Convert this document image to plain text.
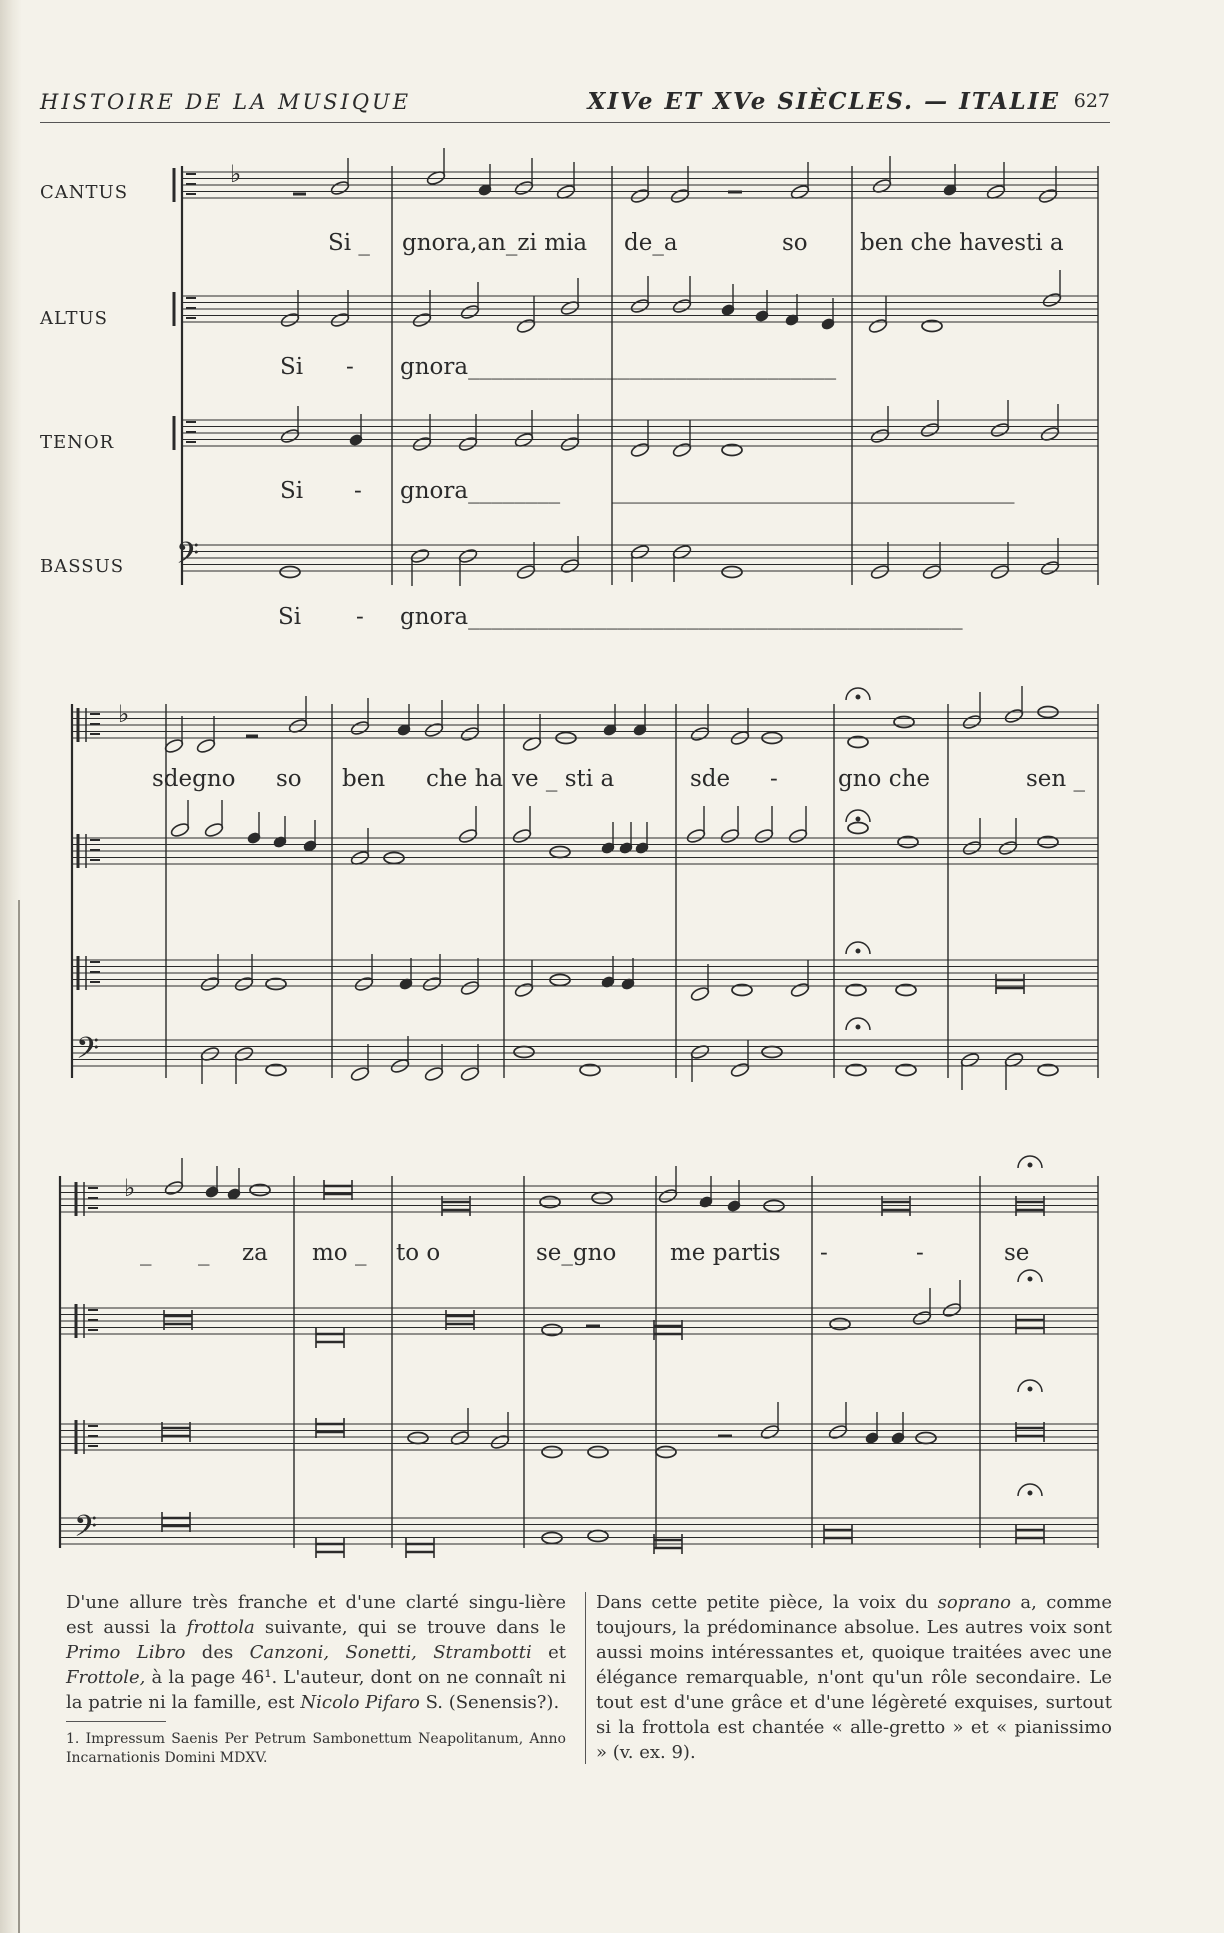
HISTOIRE DE LA MUSIQUE	XIVe ET XVe SIÈCLES. — ITALIE 627
CANTUS
ALTUS
TENOR
BASSUS	𝄢
♭
𝄢
♭
𝄢
♭
Si _ gnora,an_zi mia de_a	so ben che havesti a
Si - gnora________________________________
Si - gnora________ ___________________________________
Si - gnora___________________________________________
sdegno so ben che ha ve _ sti a	sde -	gno che	sen _
_ _ za mo _ to o	se_gno me partis -	-	se

D'une allure très franche et d'une clarté singu-lière est aussi la frottola suivante, qui se trouve dans le Primo Libro des Canzoni, Sonetti, Strambotti et Frottole, à la page 46¹. L'auteur, dont on ne connaît ni la patrie ni la famille, est Nicolo Pifaro S. (Senensis?).

1. Impressum Saenis Per Petrum Sambonettum Neapolitanum, Anno Incarnationis Domini MDXV.

Dans cette petite pièce, la voix du soprano a, comme toujours, la prédominance absolue. Les autres voix sont aussi moins intéressantes et, quoique traitées avec une élégance remarquable, n'ont qu'un rôle secondaire. Le tout est d'une grâce et d'une légèreté exquises, surtout si la frottola est chantée « alle-gretto » et « pianissimo » (v. ex. 9).
